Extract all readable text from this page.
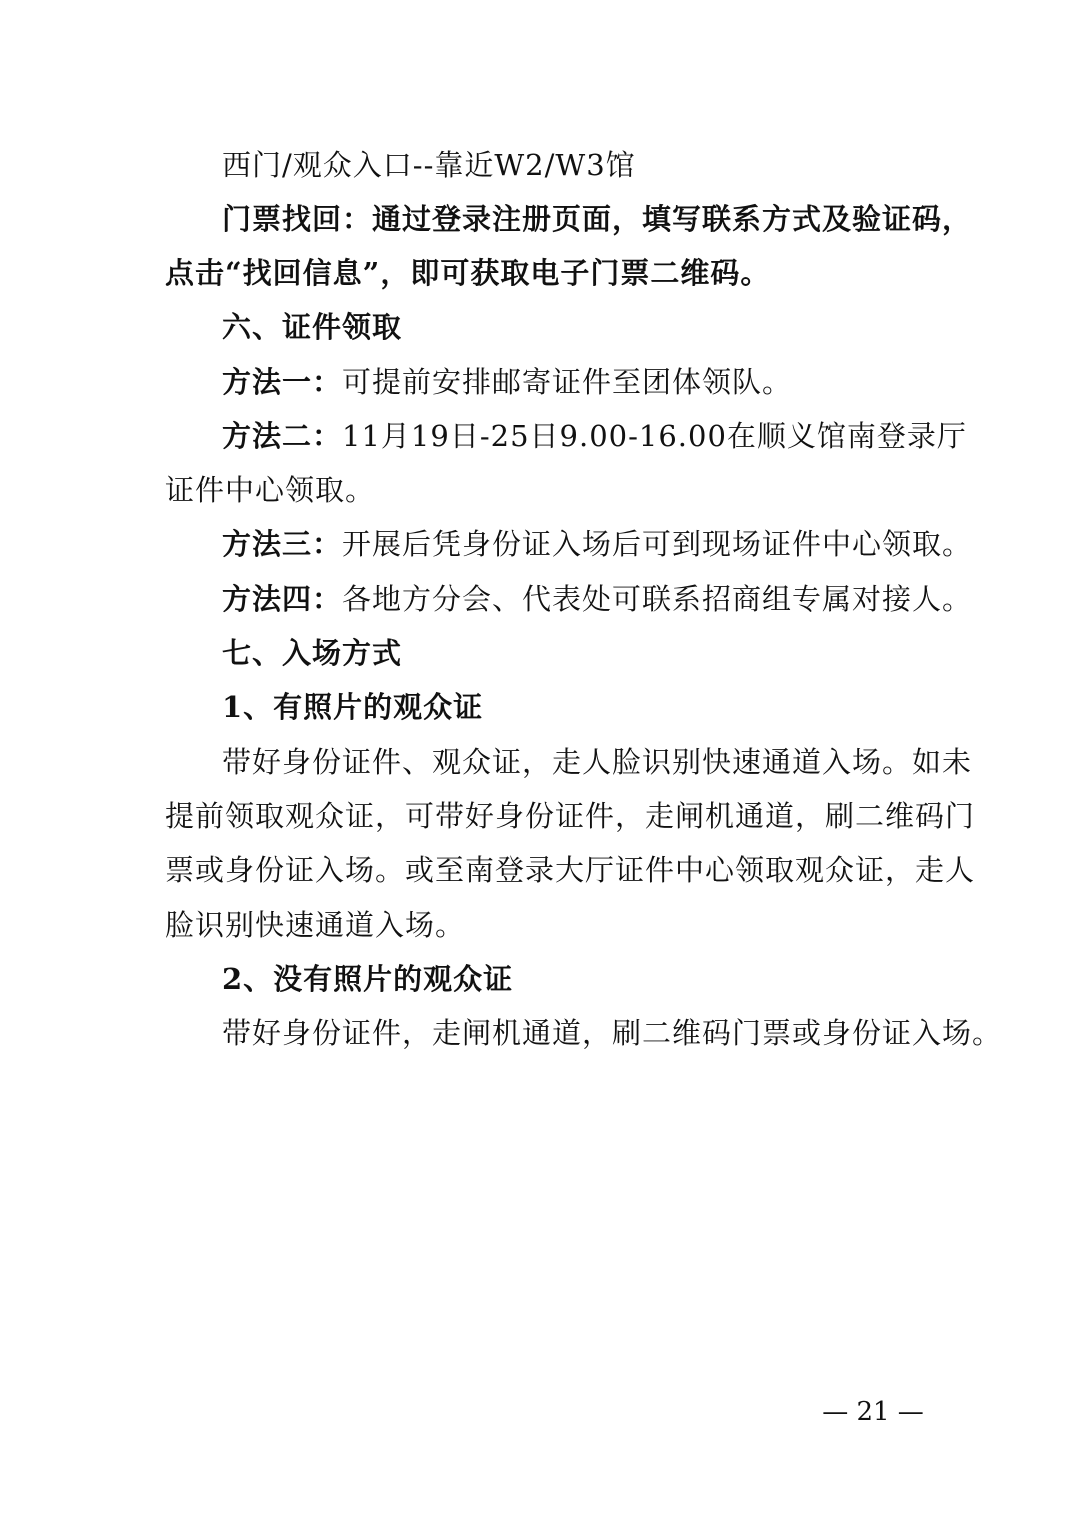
西门/观众入口--靠近W2/W3馆
门票找回：通过登录注册页面，填写联系方式及验证码，
点击“找回信息”，即可获取电子门票二维码。
六、证件领取
方法一：可提前安排邮寄证件至团体领队。
方法二：11月19日-25日9.00-16.00在顺义馆南登录厅
证件中心领取。
方法三：开展后凭身份证入场后可到现场证件中心领取。
方法四：各地方分会、代表处可联系招商组专属对接人。
七、入场方式
1、有照片的观众证
带好身份证件、观众证，走人脸识别快速通道入场。如未
提前领取观众证，可带好身份证件，走闸机通道，刷二维码门
票或身份证入场。或至南登录大厅证件中心领取观众证，走人
脸识别快速通道入场。
2、没有照片的观众证
带好身份证件，走闸机通道，刷二维码门票或身份证入场。
— 21 —
